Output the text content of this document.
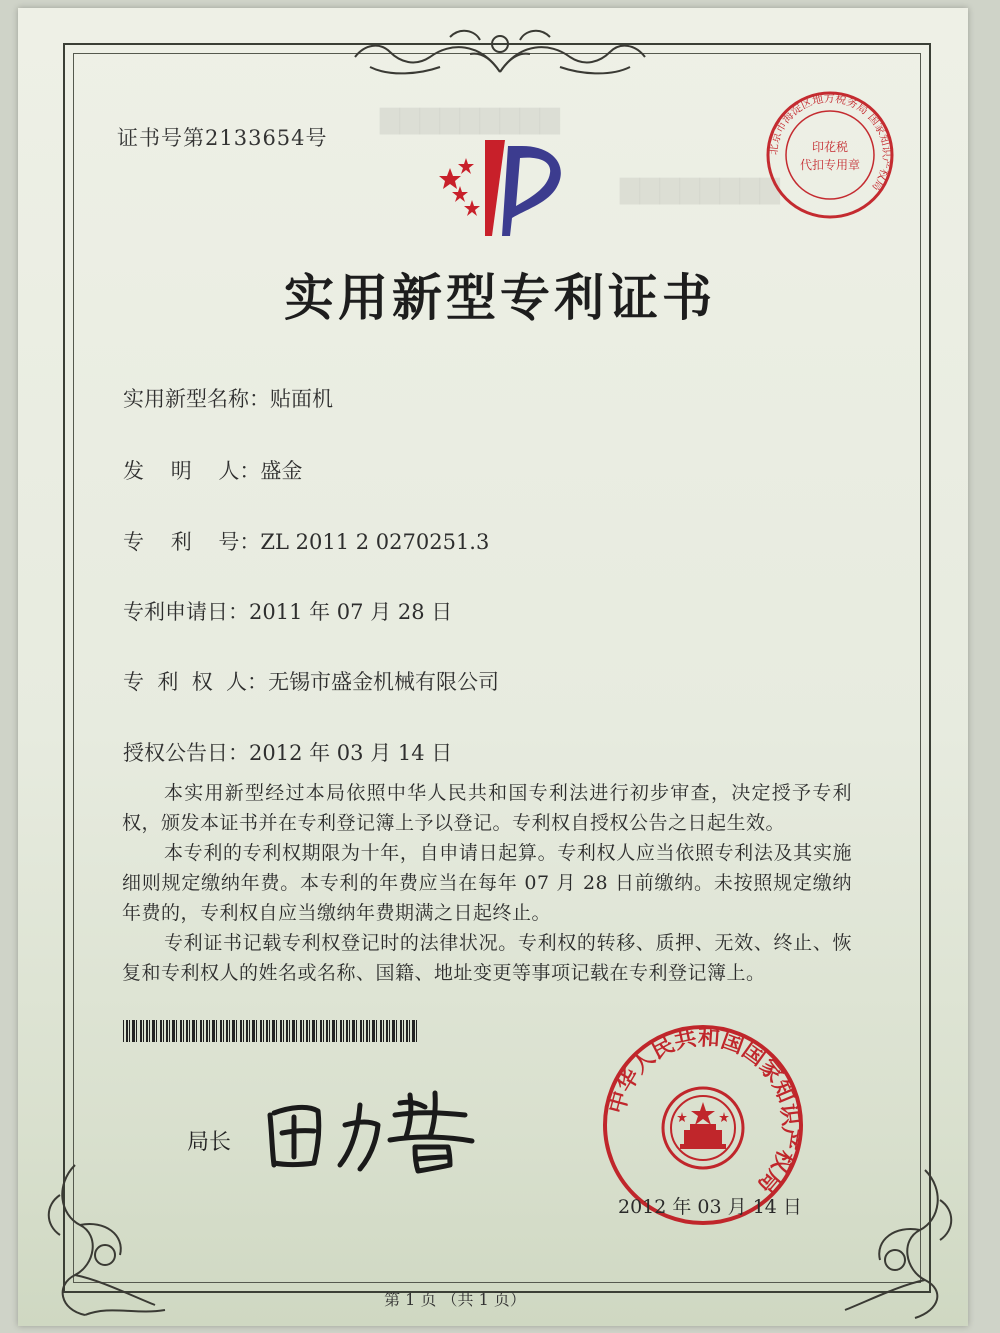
▇▇▇▇▇▇▇▇▇
▇▇▇▇▇▇▇▇
证书号第2133654号	北京市海淀区地方税务局 国家知识产权局
印花税
代扣专用章
实用新型专利证书
实用新型名称：贴面机
发    明    人：盛金
专    利    号：ZL 2011 2 0270251.3
专利申请日：2011 年 07 月 28 日
专  利  权  人：无锡市盛金机械有限公司
授权公告日：2012 年 03 月 14 日

本实用新型经过本局依照中华人民共和国专利法进行初步审查，决定授予专利权，颁发本证书并在专利登记簿上予以登记。专利权自授权公告之日起生效。

本专利的专利权期限为十年，自申请日起算。专利权人应当依照专利法及其实施细则规定缴纳年费。本专利的年费应当在每年 07 月 28 日前缴纳。未按照规定缴纳年费的，专利权自应当缴纳年费期满之日起终止。

专利证书记载专利权登记时的法律状况。专利权的转移、质押、无效、终止、恢复和专利权人的姓名或名称、国籍、地址变更等事项记载在专利登记簿上。

局长
中华人民共和国国家知识产权局
2012 年 03 月 14 日
第 1 页 （共 1 页）
